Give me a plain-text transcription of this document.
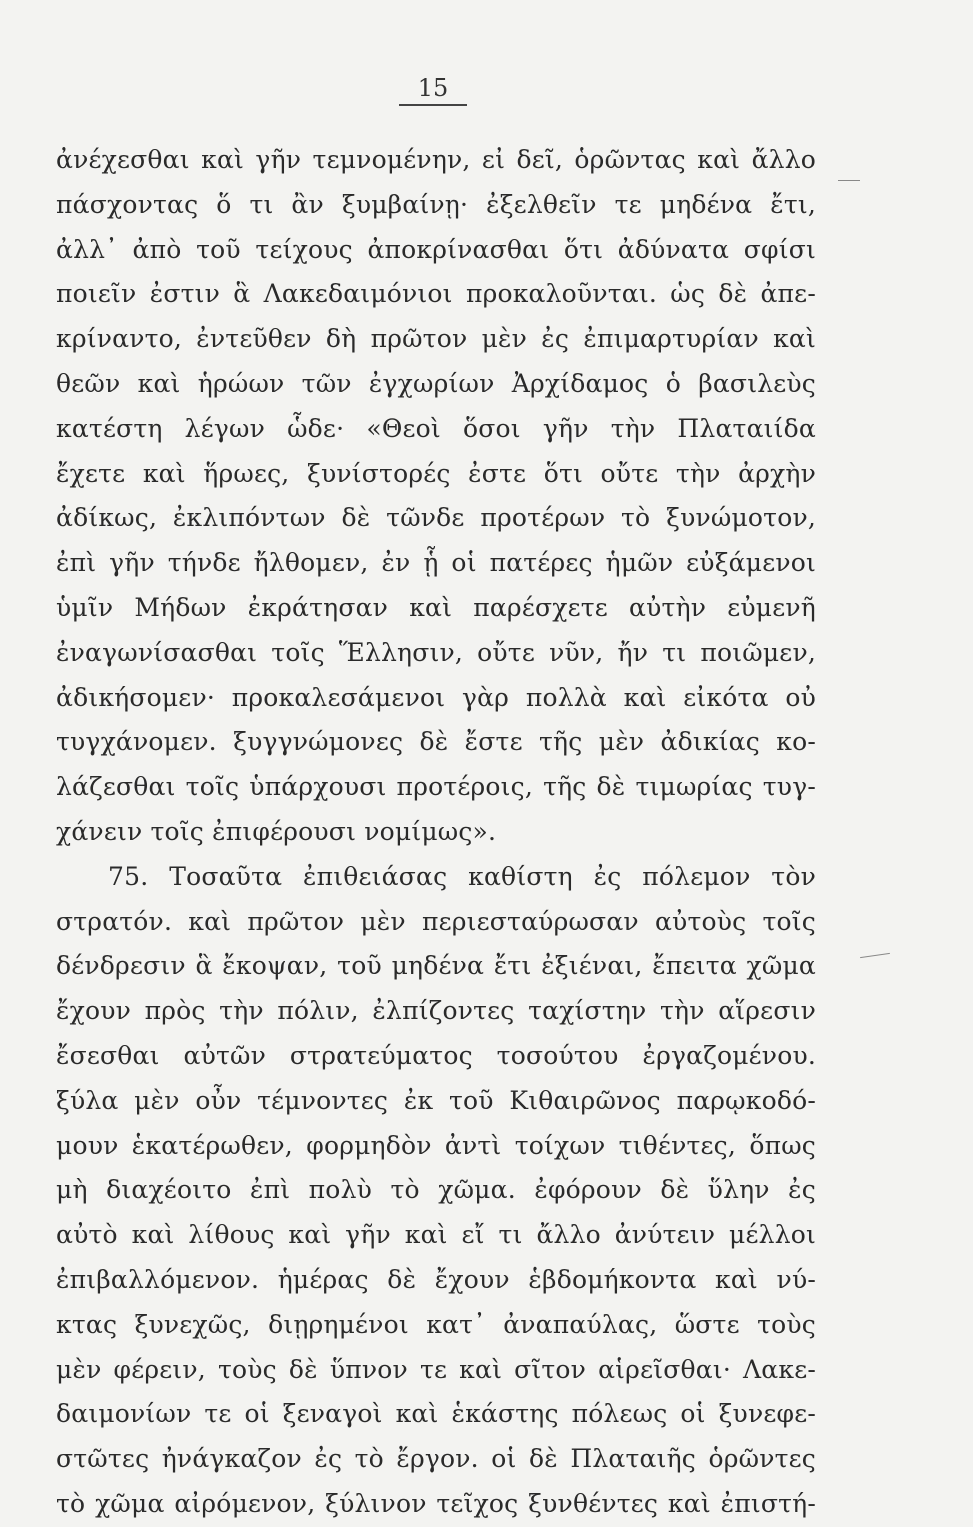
15
ἀνέχεσθαι καὶ γῆν τεμνομένην, εἰ δεῖ, ὁρῶντας καὶ ἄλλο
πάσχοντας ὅ τι ἂν ξυμβαίνῃ· ἐξελθεῖν τε μηδένα ἔτι,
ἀλλ᾽ ἀπὸ τοῦ τείχους ἀποκρίνασθαι ὅτι ἀδύνατα σφίσι
ποιεῖν ἐστιν ἃ Λακεδαιμόνιοι προκαλοῦνται. ὡς δὲ ἀπε-
κρίναντο, ἐντεῦθεν δὴ πρῶτον μὲν ἐς ἐπιμαρτυρίαν καὶ
θεῶν καὶ ἡρώων τῶν ἐγχωρίων Ἀρχίδαμος ὁ βασιλεὺς
κατέστη λέγων ὧδε· «Θεοὶ ὅσοι γῆν τὴν Πλαταιίδα
ἔχετε καὶ ἥρωες, ξυνίστορές ἐστε ὅτι οὔτε τὴν ἀρχὴν
ἀδίκως, ἐκλιπόντων δὲ τῶνδε προτέρων τὸ ξυνώμοτον,
ἐπὶ γῆν τήνδε ἤλθομεν, ἐν ᾗ οἱ πατέρες ἡμῶν εὐξάμενοι
ὑμῖν Μήδων ἐκράτησαν καὶ παρέσχετε αὐτὴν εὐμενῆ
ἐναγωνίσασθαι τοῖς Ἕλλησιν, οὔτε νῦν, ἤν τι ποιῶμεν,
ἀδικήσομεν· προκαλεσάμενοι γὰρ πολλὰ καὶ εἰκότα οὐ
τυγχάνομεν. ξυγγνώμονες δὲ ἔστε τῆς μὲν ἀδικίας κο-
λάζεσθαι τοῖς ὑπάρχουσι προτέροις, τῆς δὲ τιμωρίας τυγ-
χάνειν τοῖς ἐπιφέρουσι νομίμως».
75. Τοσαῦτα ἐπιθειάσας καθίστη ἐς πόλεμον τὸν
στρατόν. καὶ πρῶτον μὲν περιεσταύρωσαν αὐτοὺς τοῖς
δένδρεσιν ἃ ἔκοψαν, τοῦ μηδένα ἔτι ἐξιέναι, ἔπειτα χῶμα
ἔχουν πρὸς τὴν πόλιν, ἐλπίζοντες ταχίστην τὴν αἵρεσιν
ἔσεσθαι αὐτῶν στρατεύματος τοσούτου ἐργαζομένου.
ξύλα μὲν οὖν τέμνοντες ἐκ τοῦ Κιθαιρῶνος παρῳκοδό-
μουν ἑκατέρωθεν, φορμηδὸν ἀντὶ τοίχων τιθέντες, ὅπως
μὴ διαχέοιτο ἐπὶ πολὺ τὸ χῶμα. ἐφόρουν δὲ ὕλην ἐς
αὐτὸ καὶ λίθους καὶ γῆν καὶ εἴ τι ἄλλο ἀνύτειν μέλλοι
ἐπιβαλλόμενον. ἡμέρας δὲ ἔχουν ἑβδομήκοντα καὶ νύ-
κτας ξυνεχῶς, διῃρημένοι κατ᾽ ἀναπαύλας, ὥστε τοὺς
μὲν φέρειν, τοὺς δὲ ὕπνον τε καὶ σῖτον αἱρεῖσθαι· Λακε-
δαιμονίων τε οἱ ξεναγοὶ καὶ ἑκάστης πόλεως οἱ ξυνεφε-
στῶτες ἠνάγκαζον ἐς τὸ ἔργον. οἱ δὲ Πλαταιῆς ὁρῶντες
τὸ χῶμα αἰρόμενον, ξύλινον τεῖχος ξυνθέντες καὶ ἐπιστή-
